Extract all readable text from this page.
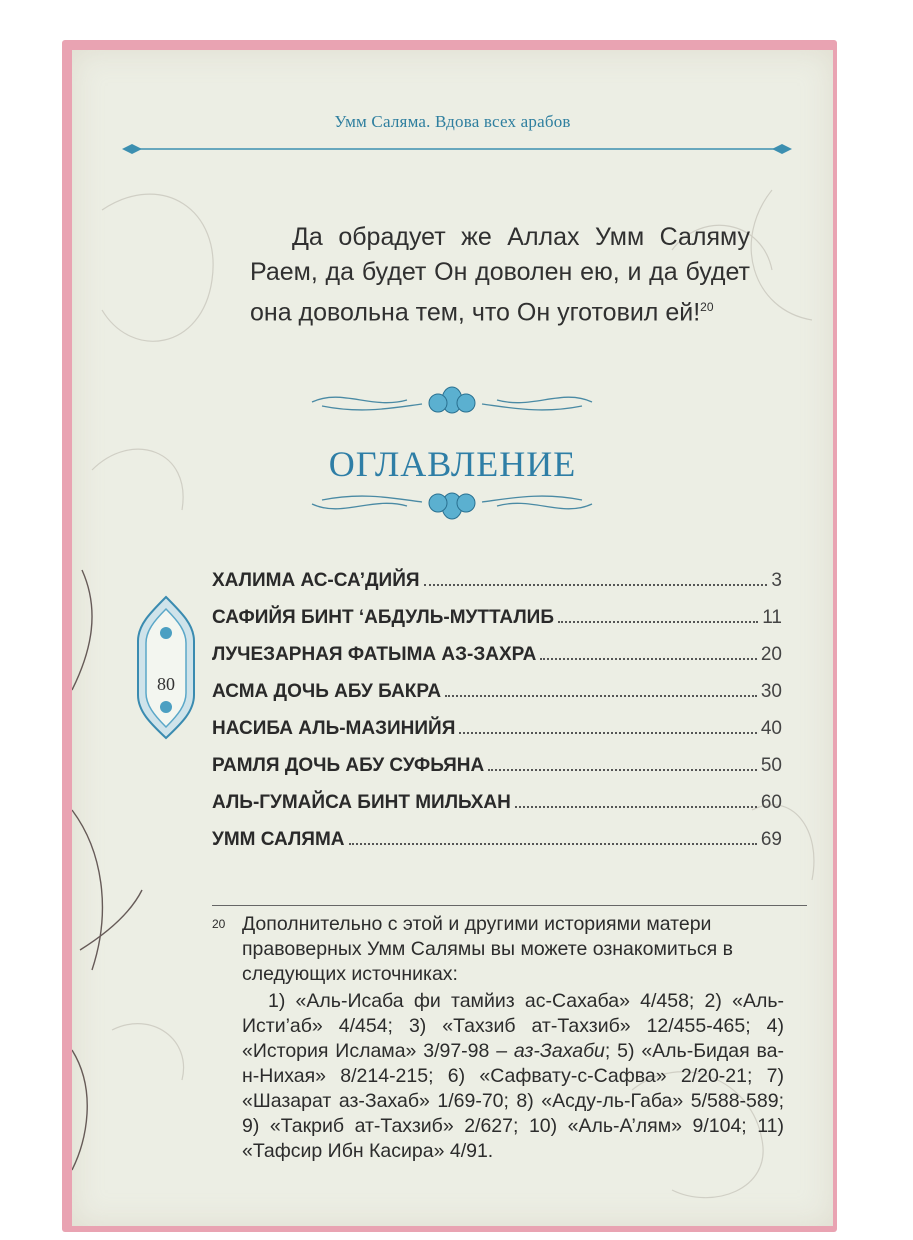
Умм Саляма. Вдова всех арабов
Да обрадует же Аллах Умм Саляму Раем, да будет Он доволен ею, и да будет она довольна тем, что Он уготовил ей!$^{20}$
ОГЛАВЛЕНИЕ
80
ХАЛИМА АС-СА’ДИЙЯ	3
САФИЙЯ БИНТ ‘АБДУЛЬ-МУТТАЛИБ	11
ЛУЧЕЗАРНАЯ ФАТЫМА АЗ-ЗАХРА	20
АСМА ДОЧЬ АБУ БАКРА	30
НАСИБА АЛЬ-МАЗИНИЙЯ	40
РАМЛЯ ДОЧЬ АБУ СУФЬЯНА	50
АЛЬ-ГУМАЙСА БИНТ МИЛЬХАН	60
УММ САЛЯМА	69
20 Дополнительно с этой и другими историями матери правоверных Умм Салямы вы можете ознакомиться в следующих источниках:
1) «Аль-Исаба фи тамйиз ас-Сахаба» 4/458; 2) «Аль-Исти’аб» 4/454; 3) «Тахзиб ат-Тахзиб» 12/455-465; 4) «История Ислама» 3/97-98 – аз-Захаби; 5) «Аль-Бидая ва-н-Нихая» 8/214-215; 6) «Сафвату-с-Сафва» 2/20-21; 7) «Шазарат аз-Захаб» 1/69-70; 8) «Асду-ль-Габа» 5/588-589; 9) «Такриб ат-Тахзиб» 2/627; 10) «Аль-А’лям» 9/104; 11) «Тафсир Ибн Касира» 4/91.
